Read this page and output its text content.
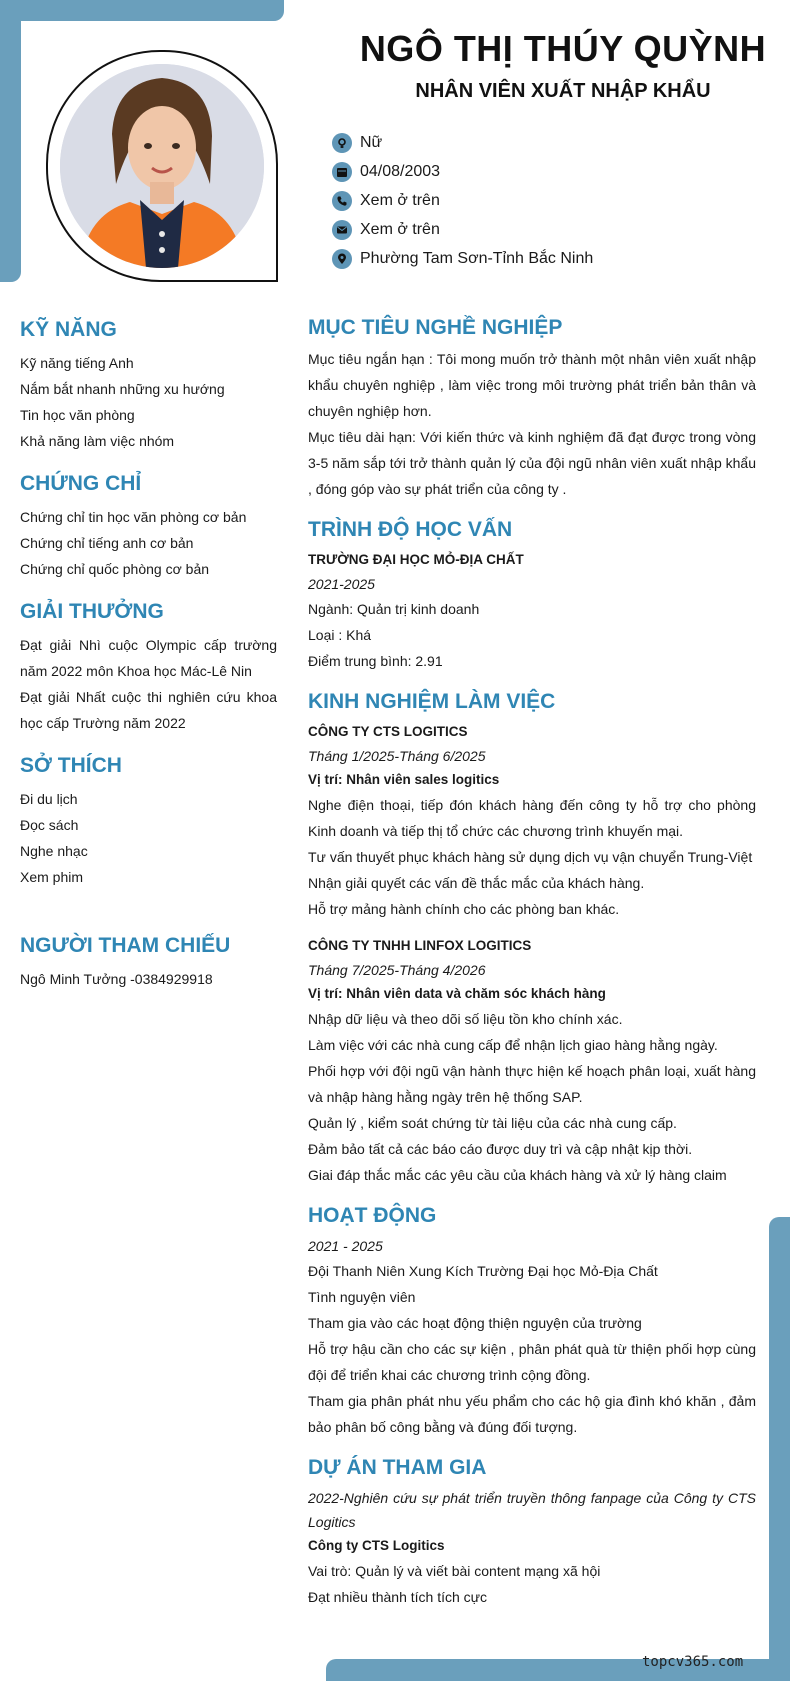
NGÔ THỊ THÚY QUỲNH
NHÂN VIÊN XUẤT NHẬP KHẨU
Nữ
04/08/2003
Xem ở trên
Xem ở trên
Phường Tam Sơn-Tỉnh Bắc Ninh
KỸ NĂNG
Kỹ năng tiếng Anh
Nắm bắt nhanh những xu hướng
Tin học văn phòng
Khả năng làm việc nhóm
CHỨNG CHỈ
Chứng chỉ tin học văn phòng cơ bản
Chứng chỉ tiếng anh cơ bản
Chứng chỉ quốc phòng cơ bản
GIẢI THƯỞNG
Đạt giải Nhì cuộc Olympic cấp trường năm 2022 môn Khoa học Mác-Lê Nin
Đạt giải Nhất cuộc thi nghiên cứu khoa học cấp Trường năm 2022
SỞ THÍCH
Đi du lịch
Đọc sách
Nghe nhạc
Xem phim
NGƯỜI THAM CHIẾU
Ngô Minh Tưởng -0384929918
MỤC TIÊU NGHỀ NGHIỆP
Mục tiêu ngắn hạn : Tôi mong muốn trở thành một nhân viên xuất nhập khẩu chuyên nghiệp , làm việc trong môi trường phát triển bản thân và chuyên nghiệp hơn.
Mục tiêu dài hạn: Với kiến thức và kinh nghiệm đã đạt được trong vòng 3-5 năm sắp tới trở thành quản lý của đội ngũ nhân viên xuất nhập khẩu , đóng góp vào sự phát triển của công ty .
TRÌNH ĐỘ HỌC VẤN
TRƯỜNG ĐẠI HỌC MỎ-ĐỊA CHẤT
2021-2025
Ngành: Quản trị kinh doanh
Loại : Khá
Điểm trung bình: 2.91
KINH NGHIỆM LÀM VIỆC
CÔNG TY CTS LOGITICS
Tháng 1/2025-Tháng 6/2025
Vị trí: Nhân viên sales logitics
Nghe điện thoại, tiếp đón khách hàng đến công ty hỗ trợ cho phòng Kinh doanh và tiếp thị tổ chức các chương trình khuyến mại.
Tư vấn thuyết phục khách hàng sử dụng dịch vụ vận chuyển Trung-Việt
Nhận giải quyết các vấn đề thắc mắc của khách hàng.
Hỗ trợ mảng hành chính cho các phòng ban khác.
CÔNG TY TNHH LINFOX LOGITICS
Tháng 7/2025-Tháng 4/2026
Vị trí: Nhân viên data và chăm sóc khách hàng
Nhập dữ liệu và theo dõi số liệu tồn kho chính xác.
Làm việc với các nhà cung cấp để nhận lịch giao hàng hằng ngày.
Phối hợp với đội ngũ vận hành thực hiện kế hoạch phân loại, xuất hàng và nhập hàng hằng ngày trên hệ thống SAP.
Quản lý , kiểm soát chứng từ tài liệu của các nhà cung cấp.
Đảm bảo tất cả các báo cáo được duy trì và cập nhật kịp thời.
Giai đáp thắc mắc các yêu cầu của khách hàng và xử lý hàng claim
HOẠT ĐỘNG
2021 - 2025
Đội Thanh Niên Xung Kích Trường Đại học Mỏ-Địa Chất
Tình nguyện viên
Tham gia vào các hoạt động thiện nguyện của trường
Hỗ trợ hậu cần cho các sự kiện , phân phát quà từ thiện phối hợp cùng đội để triển khai các chương trình cộng đồng.
Tham gia phân phát nhu yếu phẩm cho các hộ gia đình khó khăn , đảm bảo phân bố công bằng và đúng đối tượng.
DỰ ÁN THAM GIA
2022-Nghiên cứu sự phát triển truyền thông fanpage của Công ty CTS Logitics
Công ty CTS Logitics
Vai trò: Quản lý và viết bài content mạng xã hội
Đạt nhiều thành tích tích cực
topcv365.com
